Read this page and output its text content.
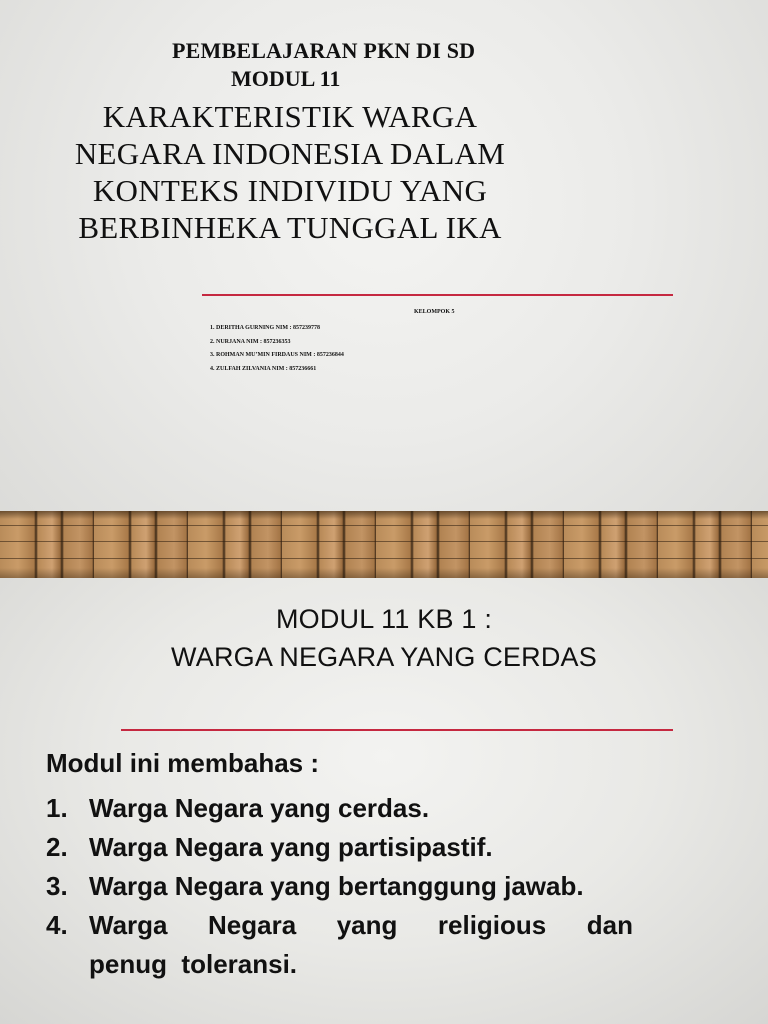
PEMBELAJARAN PKN DI SD
MODUL 11
KARAKTERISTIK WARGA
NEGARA INDONESIA DALAM
KONTEKS INDIVIDU YANG
BERBINHEKA TUNGGAL IKA
KELOMPOK 5
1. DERITHA GURNING NIM : 857239778
2. NURJANA NIM : 857236353
3. ROHMAN MU’MIN FIRDAUS NIM : 857236844
4. ZULFAH ZILVANIA NIM : 857236661
MODUL 11 KB 1 :
WARGA NEGARA YANG CERDAS
Modul ini membahas :
1. Warga Negara yang cerdas.
2. Warga Negara yang partisipastif.
3. Warga Negara yang bertanggung jawab.
4. Warga Negara yang religious dan
penug  toleransi.
